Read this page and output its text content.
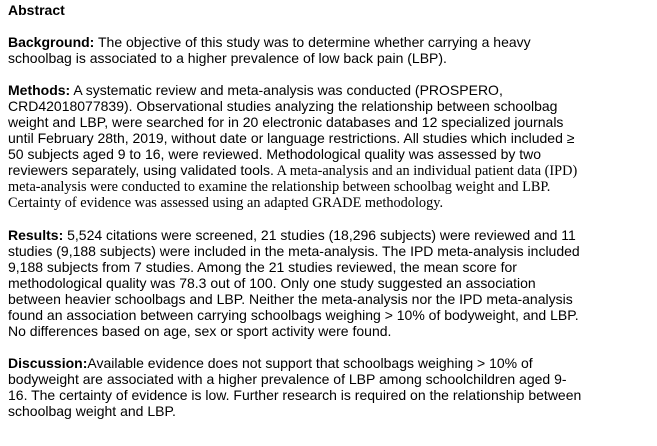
Abstract
Background: The objective of this study was to determine whether carrying a heavy
schoolbag is associated to a higher prevalence of low back pain (LBP).
Methods: A systematic review and meta-analysis was conducted (PROSPERO,
CRD42018077839). Observational studies analyzing the relationship between schoolbag
weight and LBP, were searched for in 20 electronic databases and 12 specialized journals
until February 28th, 2019, without date or language restrictions. All studies which included ≥
50 subjects aged 9 to 16, were reviewed. Methodological quality was assessed by two
reviewers separately, using validated tools. A meta-analysis and an individual patient data (IPD)
meta-analysis were conducted to examine the relationship between schoolbag weight and LBP.
Certainty of evidence was assessed using an adapted GRADE methodology.
Results: 5,524 citations were screened, 21 studies (18,296 subjects) were reviewed and 11
studies (9,188 subjects) were included in the meta-analysis. The IPD meta-analysis included
9,188 subjects from 7 studies. Among the 21 studies reviewed, the mean score for
methodological quality was 78.3 out of 100. Only one study suggested an association
between heavier schoolbags and LBP. Neither the meta-analysis nor the IPD meta-analysis
found an association between carrying schoolbags weighing > 10% of bodyweight, and LBP.
No differences based on age, sex or sport activity were found.
Discussion:Available evidence does not support that schoolbags weighing > 10% of
bodyweight are associated with a higher prevalence of LBP among schoolchildren aged 9-
16. The certainty of evidence is low. Further research is required on the relationship between
schoolbag weight and LBP.
